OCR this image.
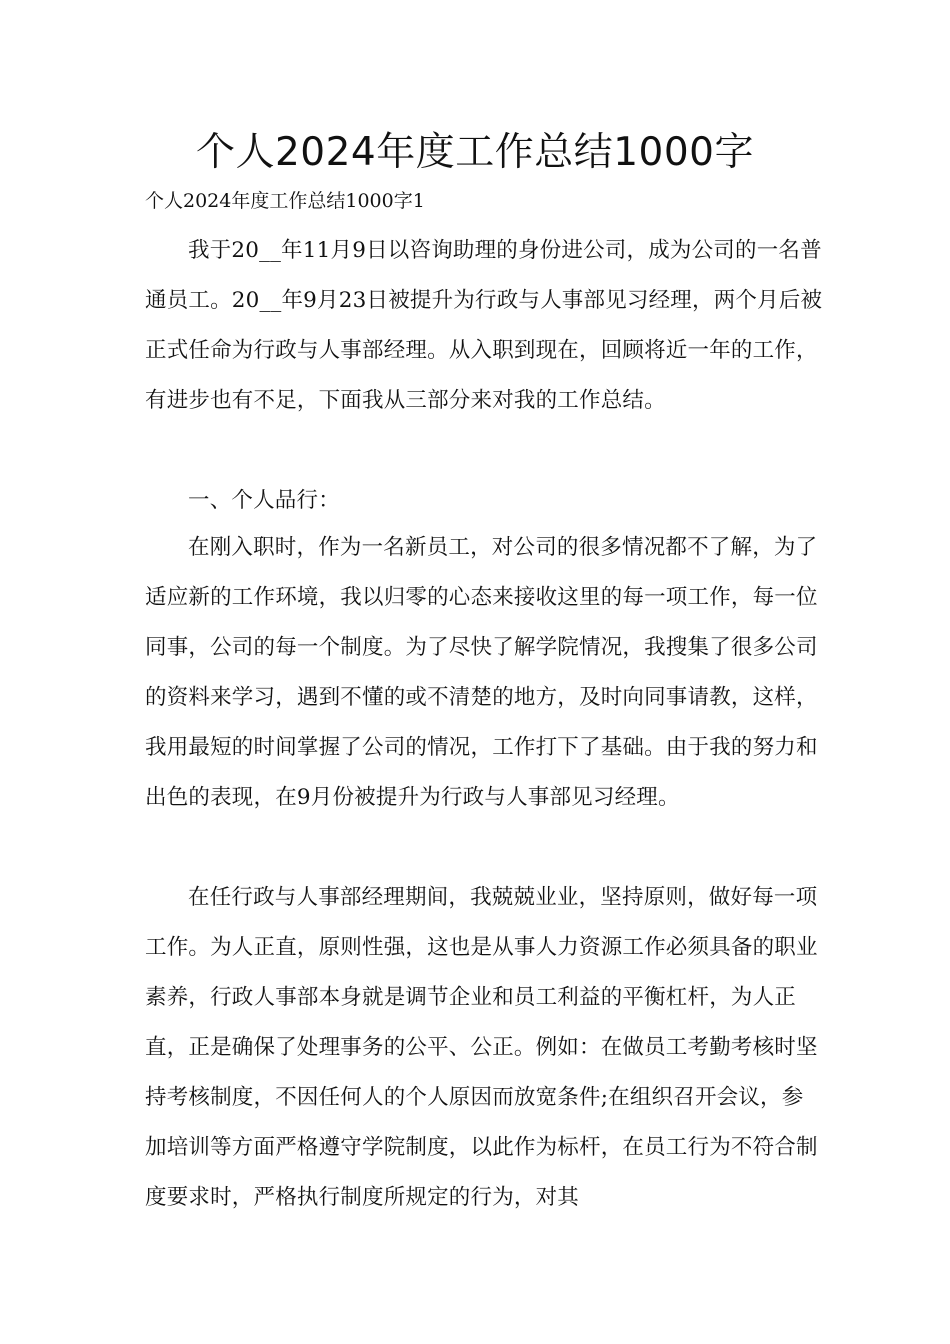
个人2024年度工作总结1000字

个人2024年度工作总结1000字1

我于20__年11月9日以咨询助理的身份进公司，成为公司的一名普通员工。20__年9月23日被提升为行政与人事部见习经理，两个月后被正式任命为行政与人事部经理。从入职到现在，回顾将近一年的工作，有进步也有不足，下面我从三部分来对我的工作总结。

一、个人品行：

在刚入职时，作为一名新员工，对公司的很多情况都不了解，为了适应新的工作环境，我以归零的心态来接收这里的每一项工作，每一位同事，公司的每一个制度。为了尽快了解学院情况，我搜集了很多公司的资料来学习，遇到不懂的或不清楚的地方，及时向同事请教，这样，我用最短的时间掌握了公司的情况，工作打下了基础。由于我的努力和出色的表现，在9月份被提升为行政与人事部见习经理。

在任行政与人事部经理期间，我兢兢业业，坚持原则，做好每一项工作。为人正直，原则性强，这也是从事人力资源工作必须具备的职业素养，行政人事部本身就是调节企业和员工利益的平衡杠杆，为人正直，正是确保了处理事务的公平、公正。例如：在做员工考勤考核时坚持考核制度，不因任何人的个人原因而放宽条件;在组织召开会议，参加培训等方面严格遵守学院制度，以此作为标杆，在员工行为不符合制度要求时，严格执行制度所规定的行为，对其
